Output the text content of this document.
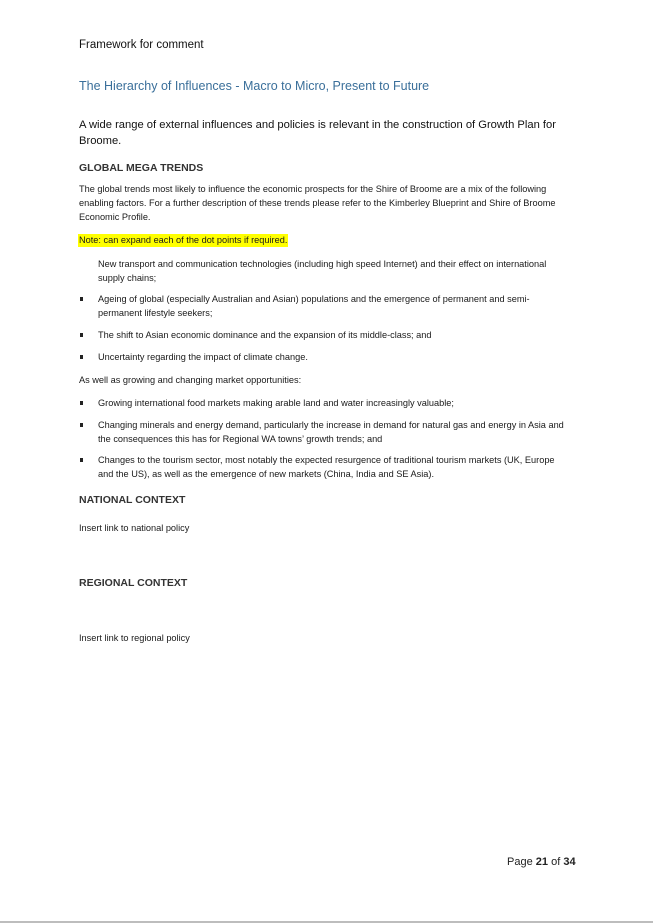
Framework for comment
The Hierarchy of Influences - Macro to Micro, Present to Future
A wide range of external influences and policies is relevant in the construction of Growth Plan for Broome.
GLOBAL MEGA TRENDS
The global trends most likely to influence the economic prospects for the Shire of Broome are a mix of the following enabling factors. For a further description of these trends please refer to the Kimberley Blueprint and Shire of Broome Economic Profile.
Note: can expand each of the dot points if required.
New transport and communication technologies (including high speed Internet) and their effect on international supply chains;
Ageing of global (especially Australian and Asian) populations and the emergence of permanent and semi-permanent lifestyle seekers;
The shift to Asian economic dominance and the expansion of its middle-class; and
Uncertainty regarding the impact of climate change.
As well as growing and changing market opportunities:
Growing international food markets making arable land and water increasingly valuable;
Changing minerals and energy demand, particularly the increase in demand for natural gas and energy in Asia and the consequences this has for Regional WA towns’ growth trends; and
Changes to the tourism sector, most notably the expected resurgence of traditional tourism markets (UK, Europe and the US), as well as the emergence of new markets (China, India and SE Asia).
NATIONAL CONTEXT
Insert link to national policy
REGIONAL CONTEXT
Insert link to regional policy
Page 21 of 34
